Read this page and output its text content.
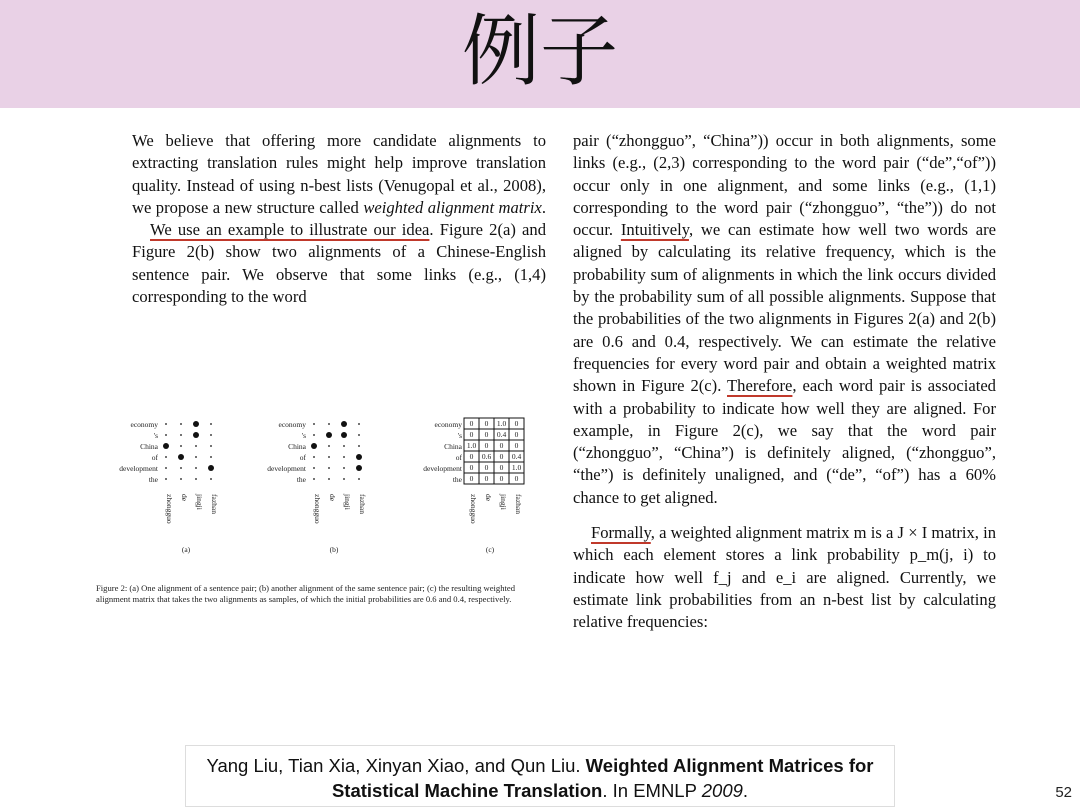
例子

We believe that offering more candidate alignments to extracting translation rules might help improve translation quality. Instead of using n-best lists (Venugopal et al., 2008), we propose a new structure called weighted alignment matrix. We use an example to illustrate our idea. Figure 2(a) and Figure 2(b) show two alignments of a Chinese-English sentence pair. We observe that some links (e.g., (1,4) corresponding to the word

economy
's
China
of
development
the
zhongguo de jingji fazhan
(a)
economy
's
China
of
development
the
zhongguo de jingji fazhan
(b)
economy
's
China
of
development
the
zhongguo de jingji fazhan
(c)
0 0 1.0 0
0 0 0.4 0
1.0 0 0 0
0 0.6 0 0.4
0 0 0 1.0
0 0 0 0
Figure 2: (a) One alignment of a sentence pair; (b) another alignment of the same sentence pair; (c) the resulting weighted alignment matrix that takes the two alignments as samples, of which the initial probabilities are 0.6 and 0.4, respectively.

pair (“zhongguo”, “China”)) occur in both alignments, some links (e.g., (2,3) corresponding to the word pair (“de”,“of”)) occur only in one alignment, and some links (e.g., (1,1) corresponding to the word pair (“zhongguo”, “the”)) do not occur. Intuitively, we can estimate how well two words are aligned by calculating its relative frequency, which is the probability sum of alignments in which the link occurs divided by the probability sum of all possible alignments. Suppose that the probabilities of the two alignments in Figures 2(a) and 2(b) are 0.6 and 0.4, respectively. We can estimate the relative frequencies for every word pair and obtain a weighted matrix shown in Figure 2(c). Therefore, each word pair is associated with a probability to indicate how well they are aligned. For example, in Figure 2(c), we say that the word pair (“zhongguo”, “China”) is definitely aligned, (“zhongguo”, “the”) is definitely unaligned, and (“de”, “of”) has a 60% chance to get aligned.

Formally, a weighted alignment matrix m is a J × I matrix, in which each element stores a link probability p_m(j, i) to indicate how well f_j and e_i are aligned. Currently, we estimate link probabilities from an n-best list by calculating relative frequencies:

Yang Liu, Tian Xia, Xinyan Xiao, and Qun Liu. Weighted Alignment Matrices for Statistical Machine Translation. In EMNLP 2009.	52
